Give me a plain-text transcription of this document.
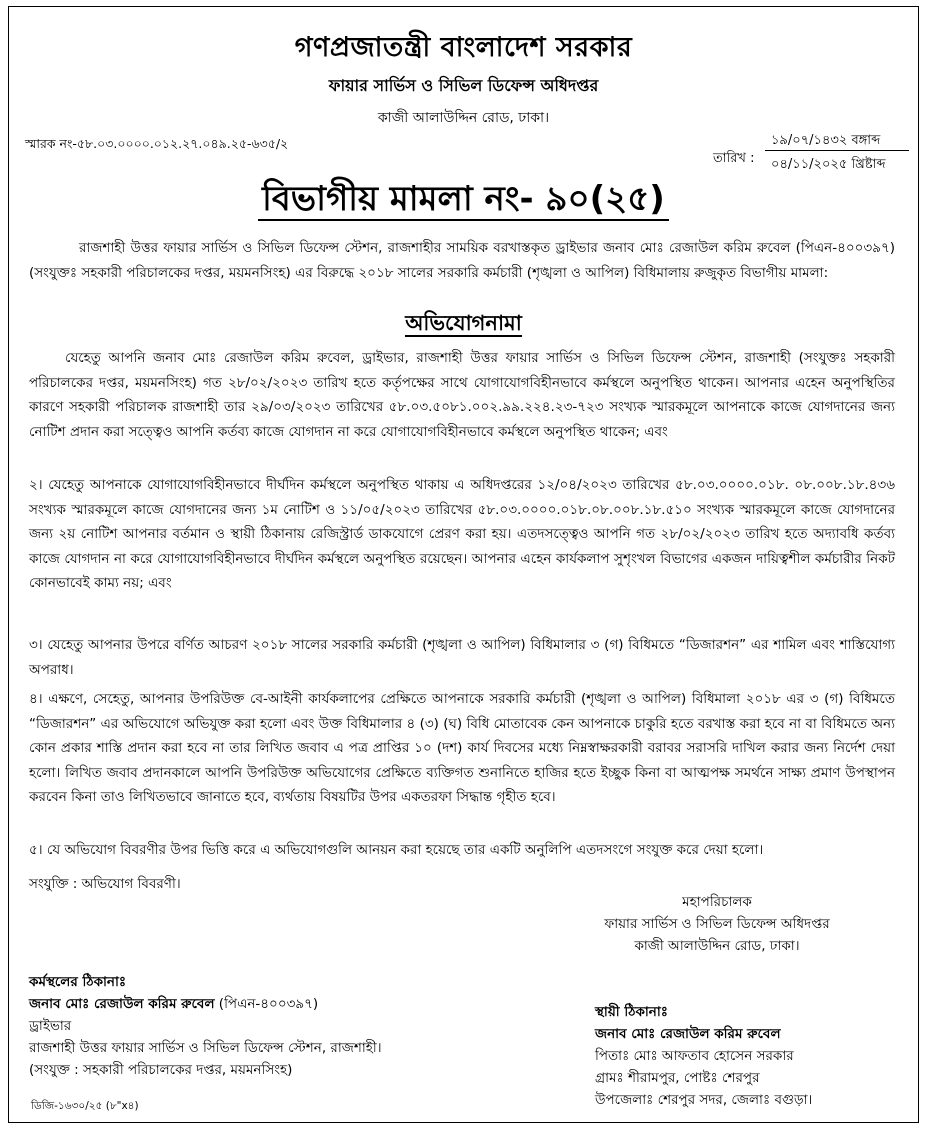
গণপ্রজাতন্ত্রী বাংলাদেশ সরকার
ফায়ার সার্ভিস ও সিভিল ডিফেন্স অধিদপ্তর
কাজী আলাউদ্দিন রোড, ঢাকা।
স্মারক নং-৫৮.০৩.০০০০.০১২.২৭.০৪৯.২৫-৬৩৫/২
তারিখ :
১৯/০৭/১৪৩২ বঙ্গাব্দ
০৪/১১/২০২৫ খ্রিষ্টাব্দ
বিভাগীয় মামলা নং- ৯০(২৫)
রাজশাহী উত্তর ফায়ার সার্ভিস ও সিভিল ডিফেন্স স্টেশন, রাজশাহীর সাময়িক বরখাস্তকৃত ড্রাইভার জনাব মোঃ রেজাউল করিম রুবেল (পিএন-৪০০৩৯৭) (সংযুক্তঃ সহকারী পরিচালকের দপ্তর, ময়মনসিংহ) এর বিরুদ্ধে ২০১৮ সালের সরকারি কর্মচারী (শৃঙ্খলা ও আপিল) বিধিমালায় রুজুকৃত বিভাগীয় মামলা:
অভিযোগনামা
যেহেতু আপনি জনাব মোঃ রেজাউল করিম রুবেল, ড্রাইভার, রাজশাহী উত্তর ফায়ার সার্ভিস ও সিভিল ডিফেন্স স্টেশন, রাজশাহী (সংযুক্তঃ সহকারী পরিচালকের দপ্তর, ময়মনসিংহ) গত ২৮/০২/২০২৩ তারিখ হতে কর্তৃপক্ষের সাথে যোগাযোগবিহীনভাবে কর্মস্থলে অনুপস্থিত থাকেন। আপনার এহেন অনুপস্থিতির কারণে সহকারী পরিচালক রাজশাহী তার ২৯/০৩/২০২৩ তারিখের ৫৮.০৩.৫০৮১.০০২.৯৯.২২৪.২৩-৭২৩ সংখ্যক স্মারকমূলে আপনাকে কাজে যোগদানের জন্য নোটিশ প্রদান করা সত্ত্বেও আপনি কর্তব্য কাজে যোগদান না করে যোগাযোগবিহীনভাবে কর্মস্থলে অনুপস্থিত থাকেন; এবং
২। যেহেতু আপনাকে যোগাযোগবিহীনভাবে দীর্ঘদিন কর্মস্থলে অনুপস্থিত থাকায় এ অধিদপ্তরের ১২/০৪/২০২৩ তারিখের ৫৮.০৩.০০০০.০১৮. ০৮.০০৮.১৮.৪৩৬ সংখ্যক স্মারকমূলে কাজে যোগদানের জন্য ১ম নোটিশ ও ১১/০৫/২০২৩ তারিখের ৫৮.০৩.০০০০.০১৮.০৮.০০৮.১৮.৫১০ সংখ্যক স্মারকমূলে কাজে যোগদানের জন্য ২য় নোটিশ আপনার বর্তমান ও স্থায়ী ঠিকানায় রেজিস্ট্রার্ড ডাকযোগে প্রেরণ করা হয়। এতদসত্ত্বেও আপনি গত ২৮/০২/২০২৩ তারিখ হতে অদ্যাবধি কর্তব্য কাজে যোগদান না করে যোগাযোগবিহীনভাবে দীর্ঘদিন কর্মস্থলে অনুপস্থিত রয়েছেন। আপনার এহেন কার্যকলাপ সুশৃংখল বিভাগের একজন দায়িত্বশীল কর্মচারীর নিকট কোনভাবেই কাম্য নয়; এবং
৩। যেহেতু আপনার উপরে বর্ণিত আচরণ ২০১৮ সালের সরকারি কর্মচারী (শৃঙ্খলা ও আপিল) বিধিমালার ৩ (গ) বিধিমতে “ডিজারশন” এর শামিল এবং শাস্তিযোগ্য অপরাধ।
৪। এক্ষণে, সেহেতু, আপনার উপরিউক্ত বে-আইনী কার্যকলাপের প্রেক্ষিতে আপনাকে সরকারি কর্মচারী (শৃঙ্খলা ও আপিল) বিধিমালা ২০১৮ এর ৩ (গ) বিধিমতে “ডিজারশন” এর অভিযোগে অভিযুক্ত করা হলো এবং উক্ত বিধিমালার ৪ (৩) (ঘ) বিধি মোতাবেক কেন আপনাকে চাকুরি হতে বরখাস্ত করা হবে না বা বিধিমতে অন্য কোন প্রকার শাস্তি প্রদান করা হবে না তার লিখিত জবাব এ পত্র প্রাপ্তির ১০ (দশ) কার্য দিবসের মধ্যে নিম্নস্বাক্ষরকারী বরাবর সরাসরি দাখিল করার জন্য নির্দেশ দেয়া হলো। লিখিত জবাব প্রদানকালে আপনি উপরিউক্ত অভিযোগের প্রেক্ষিতে ব্যক্তিগত শুনানিতে হাজির হতে ইচ্ছুক কিনা বা আত্মপক্ষ সমর্থনে সাক্ষ্য প্রমাণ উপস্থাপন করবেন কিনা তাও লিখিতভাবে জানাতে হবে, ব্যর্থতায় বিষয়টির উপর একতরফা সিদ্ধান্ত গৃহীত হবে।
৫। যে অভিযোগ বিবরণীর উপর ভিত্তি করে এ অভিযোগগুলি আনয়ন করা হয়েছে তার একটি অনুলিপি এতদসংগে সংযুক্ত করে দেয়া হলো।
সংযুক্তি : অভিযোগ বিবরণী।
মহাপরিচালক
ফায়ার সার্ভিস ও সিভিল ডিফেন্স অধিদপ্তর
কাজী আলাউদ্দিন রোড, ঢাকা।
কর্মস্থলের ঠিকানাঃ
জনাব মোঃ রেজাউল করিম রুবেল (পিএন-৪০০৩৯৭)
ড্রাইভার
রাজশাহী উত্তর ফায়ার সার্ভিস ও সিভিল ডিফেন্স স্টেশন, রাজশাহী।
(সংযুক্ত : সহকারী পরিচালকের দপ্তর, ময়মনসিংহ)
স্থায়ী ঠিকানাঃ
জনাব মোঃ রেজাউল করিম রুবেল
পিতাঃ মোঃ আফতাব হোসেন সরকার
গ্রামঃ শীরামপুর, পোষ্টঃ শেরপুর
উপজেলাঃ শেরপুর সদর, জেলাঃ বগুড়া।
ডিজি-১৬৩০/২৫ (৮"x৪)
